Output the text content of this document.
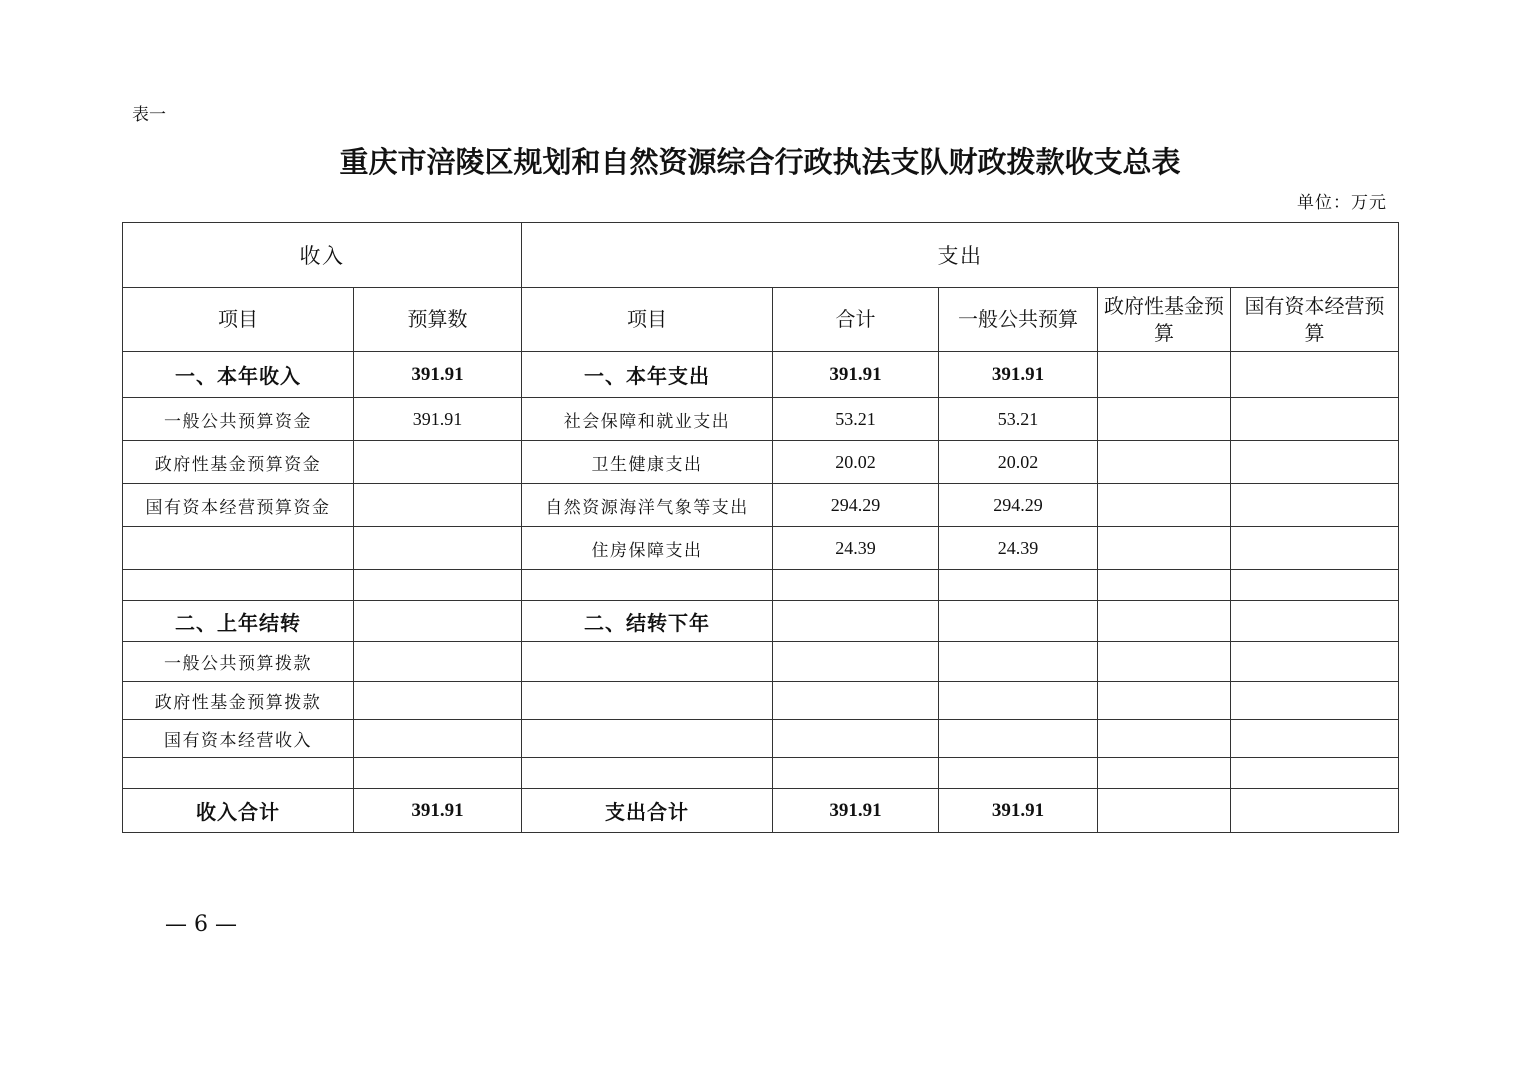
表一
重庆市涪陵区规划和自然资源综合行政执法支队财政拨款收支总表
单位：万元
收入		支出				
项目	预算数	项目	合计	一般公共预算	政府性基金预算	国有资本经营预算
一、本年收入	391.91	一、本年支出	391.91	391.91		
一般公共预算资金	391.91	社会保障和就业支出	53.21	53.21		
政府性基金预算资金		卫生健康支出	20.02	20.02		
国有资本经营预算资金		自然资源海洋气象等支出	294.29	294.29		
		住房保障支出	24.39	24.39		

二、上年结转		二、结转下年				
一般公共预算拨款						
政府性基金预算拨款						
国有资本经营收入						

收入合计	391.91	支出合计	391.91	391.91		
— 6 —
